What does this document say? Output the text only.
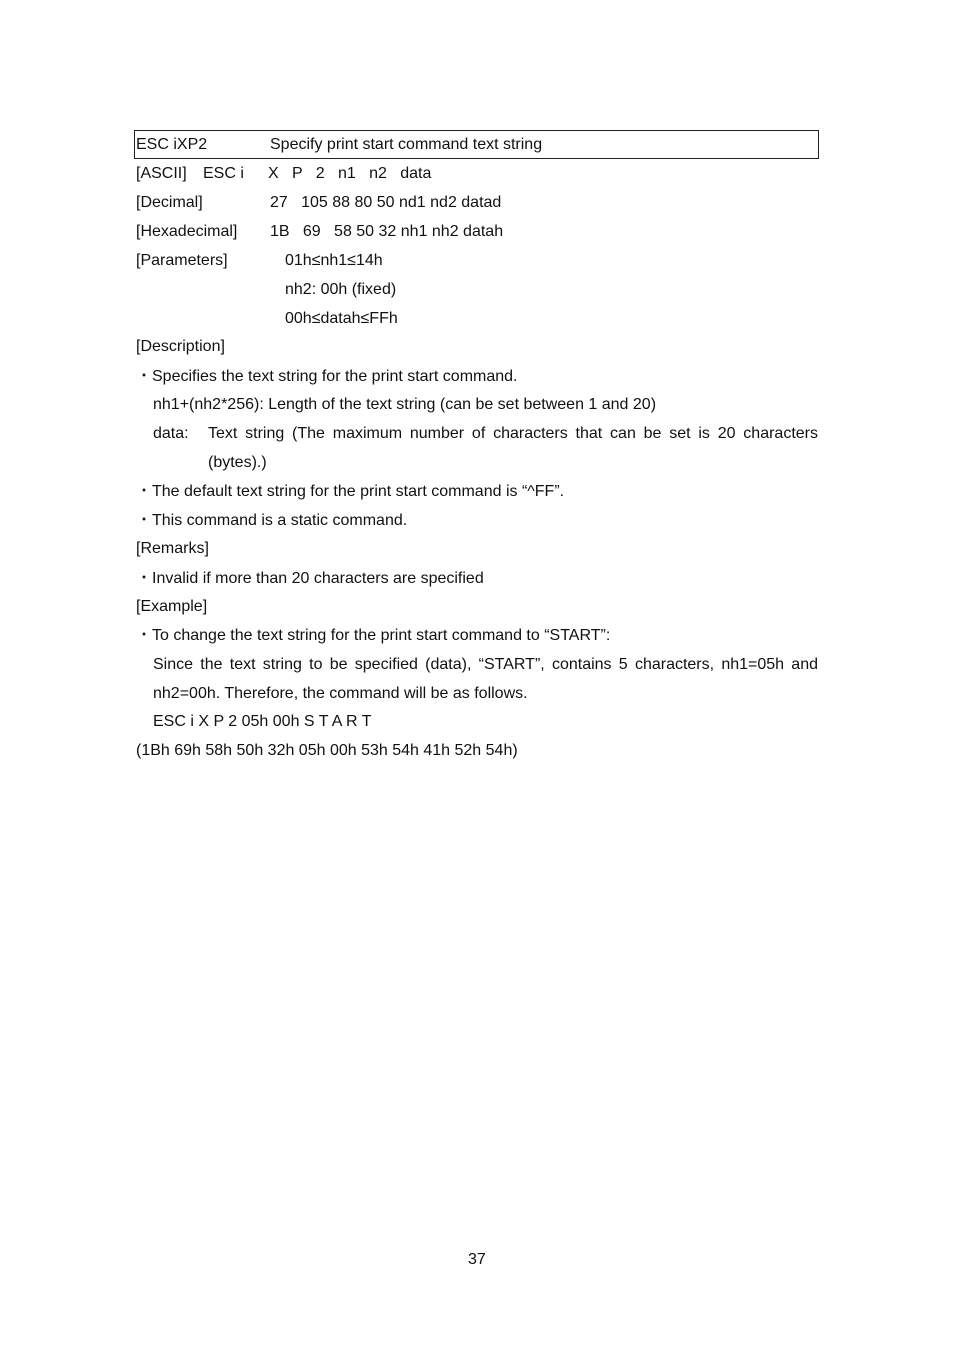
ESC iXP2	Specify print start command text string
[ASCII] ESC i X   P   2   n1   n2   data
[Decimal]	27   105 88 80 50 nd1 nd2 datad
[Hexadecimal] 1B   69   58 50 32 nh1 nh2 datah
[Parameters]	01h≤nh1≤14h
nh2: 00h (fixed)
00h≤datah≤FFh
[Description]
・Specifies the text string for the print start command.
nh1+(nh2*256): Length of the text string (can be set between 1 and 20)
data: Text string (The maximum number of characters that can be set is 20 characters
(bytes).)
・The default text string for the print start command is “^FF”.
・This command is a static command.
[Remarks]
・Invalid if more than 20 characters are specified
[Example]
・To change the text string for the print start command to “START”:
Since the text string to be specified (data), “START”, contains 5 characters, nh1=05h and
nh2=00h. Therefore, the command will be as follows.
ESC i X P 2 05h 00h S T A R T
(1Bh 69h 58h 50h 32h 05h 00h 53h 54h 41h 52h 54h)
37
